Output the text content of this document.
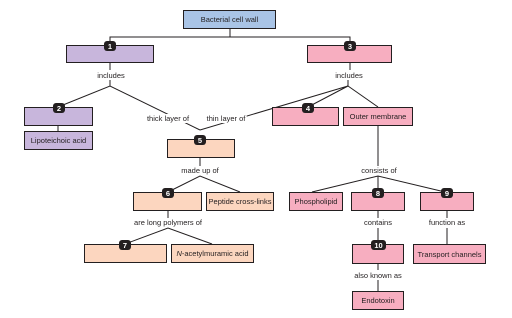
Bacterial cell wall
1	3
includes	includes
2
Lipoteichoic acid
thick layer of thin layer of
4
Outer membrane
5
made up of
6
Peptide cross-links
are long polymers of
7
N-acetylmuramic acid
consists of
Phospholipid
8	9
contains	function as
10
Transport channels
also known as
Endotoxin
